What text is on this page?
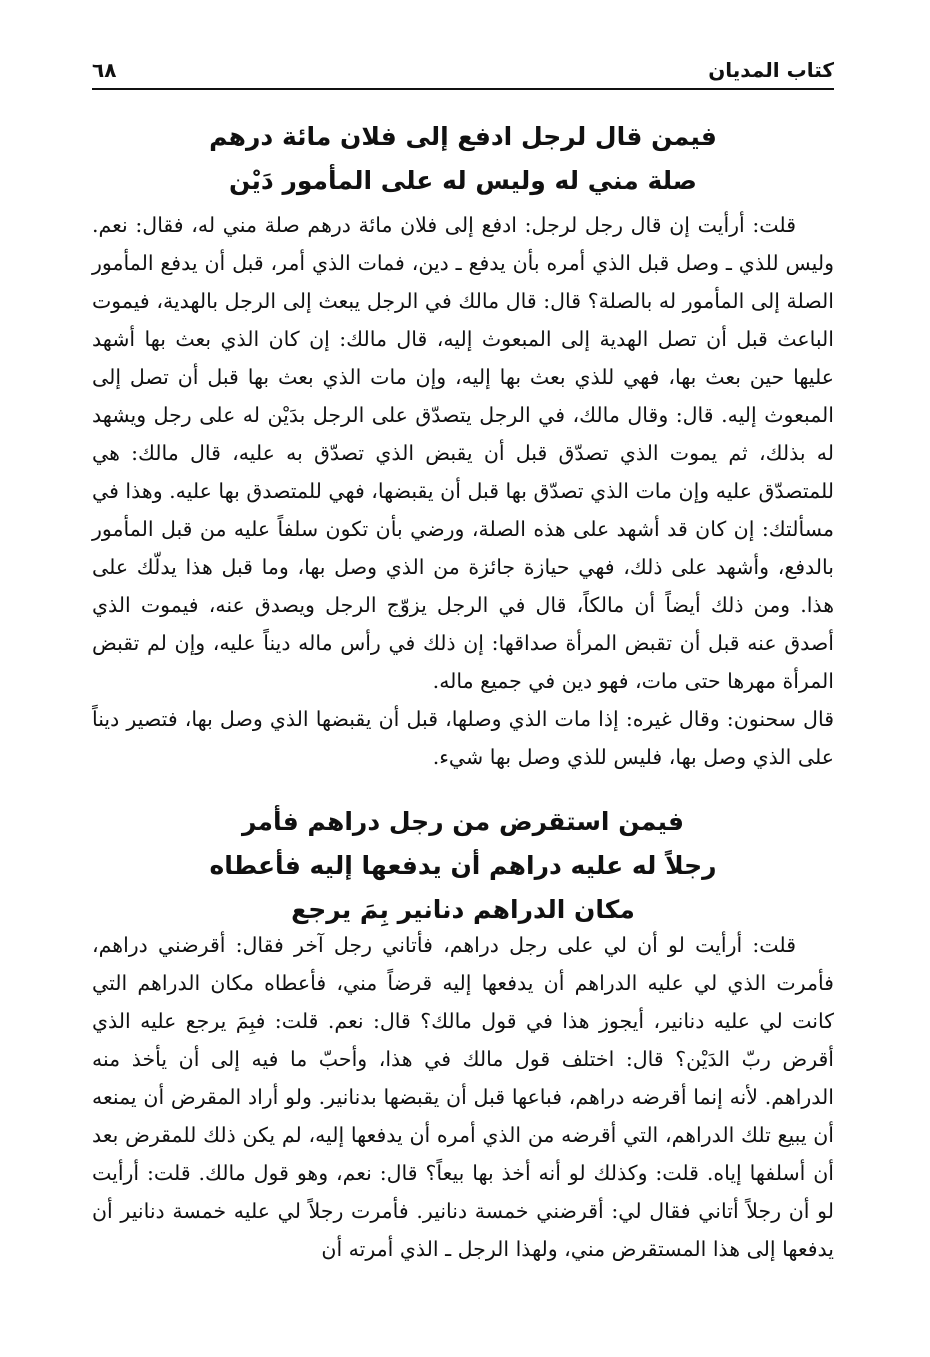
٦٨	كتاب المديان
فيمن قال لرجل ادفع إلى فلان مائة درهم
صلة مني له وليس له على المأمور دَيْن

قلت: أرأيت إن قال رجل لرجل: ادفع إلى فلان مائة درهم صلة مني له، فقال: نعم. وليس للذي ـ وصل قبل الذي أمره بأن يدفع ـ دين، فمات الذي أمر، قبل أن يدفع المأمور الصلة إلى المأمور له بالصلة؟ قال: قال مالك في الرجل يبعث إلى الرجل بالهدية، فيموت الباعث قبل أن تصل الهدية إلى المبعوث إليه، قال مالك: إن كان الذي بعث بها أشهد عليها حين بعث بها، فهي للذي بعث بها إليه، وإن مات الذي بعث بها قبل أن تصل إلى المبعوث إليه. قال: وقال مالك، في الرجل يتصدّق على الرجل بدَيْن له على رجل ويشهد له بذلك، ثم يموت الذي تصدّق قبل أن يقبض الذي تصدّق به عليه، قال مالك: هي للمتصدّق عليه وإن مات الذي تصدّق بها قبل أن يقبضها، فهي للمتصدق بها عليه. وهذا في مسألتك: إن كان قد أشهد على هذه الصلة، ورضي بأن تكون سلفاً عليه من قبل المأمور بالدفع، وأشهد على ذلك، فهي حيازة جائزة من الذي وصل بها، وما قبل هذا يدلّك على هذا. ومن ذلك أيضاً أن مالكاً، قال في الرجل يزوّج الرجل ويصدق عنه، فيموت الذي أصدق عنه قبل أن تقبض المرأة صداقها: إن ذلك في رأس ماله ديناً عليه، وإن لم تقبض المرأة مهرها حتى مات، فهو دين في جميع ماله.

قال سحنون: وقال غيره: إذا مات الذي وصلها، قبل أن يقبضها الذي وصل بها، فتصير ديناً على الذي وصل بها، فليس للذي وصل بها شيء.

فيمن استقرض من رجل دراهم فأمر
رجلاً له عليه دراهم أن يدفعها إليه فأعطاه
مكان الدراهم دنانير بِمَ يرجع

قلت: أرأيت لو أن لي على رجل دراهم، فأتاني رجل آخر فقال: أقرضني دراهم، فأمرت الذي لي عليه الدراهم أن يدفعها إليه قرضاً مني، فأعطاه مكان الدراهم التي كانت لي عليه دنانير، أيجوز هذا في قول مالك؟ قال: نعم. قلت: فبِمَ يرجع عليه الذي أقرض ربّ الدَيْن؟ قال: اختلف قول مالك في هذا، وأحبّ ما فيه إلى أن يأخذ منه الدراهم. لأنه إنما أقرضه دراهم، فباعها قبل أن يقبضها بدنانير. ولو أراد المقرض أن يمنعه أن يبيع تلك الدراهم، التي أقرضه من الذي أمره أن يدفعها إليه، لم يكن ذلك للمقرض بعد أن أسلفها إياه. قلت: وكذلك لو أنه أخذ بها بيعاً؟ قال: نعم، وهو قول مالك. قلت: أرأيت لو أن رجلاً أتاني فقال لي: أقرضني خمسة دنانير. فأمرت رجلاً لي عليه خمسة دنانير أن يدفعها إلى هذا المستقرض مني، ولهذا الرجل ـ الذي أمرته أن
